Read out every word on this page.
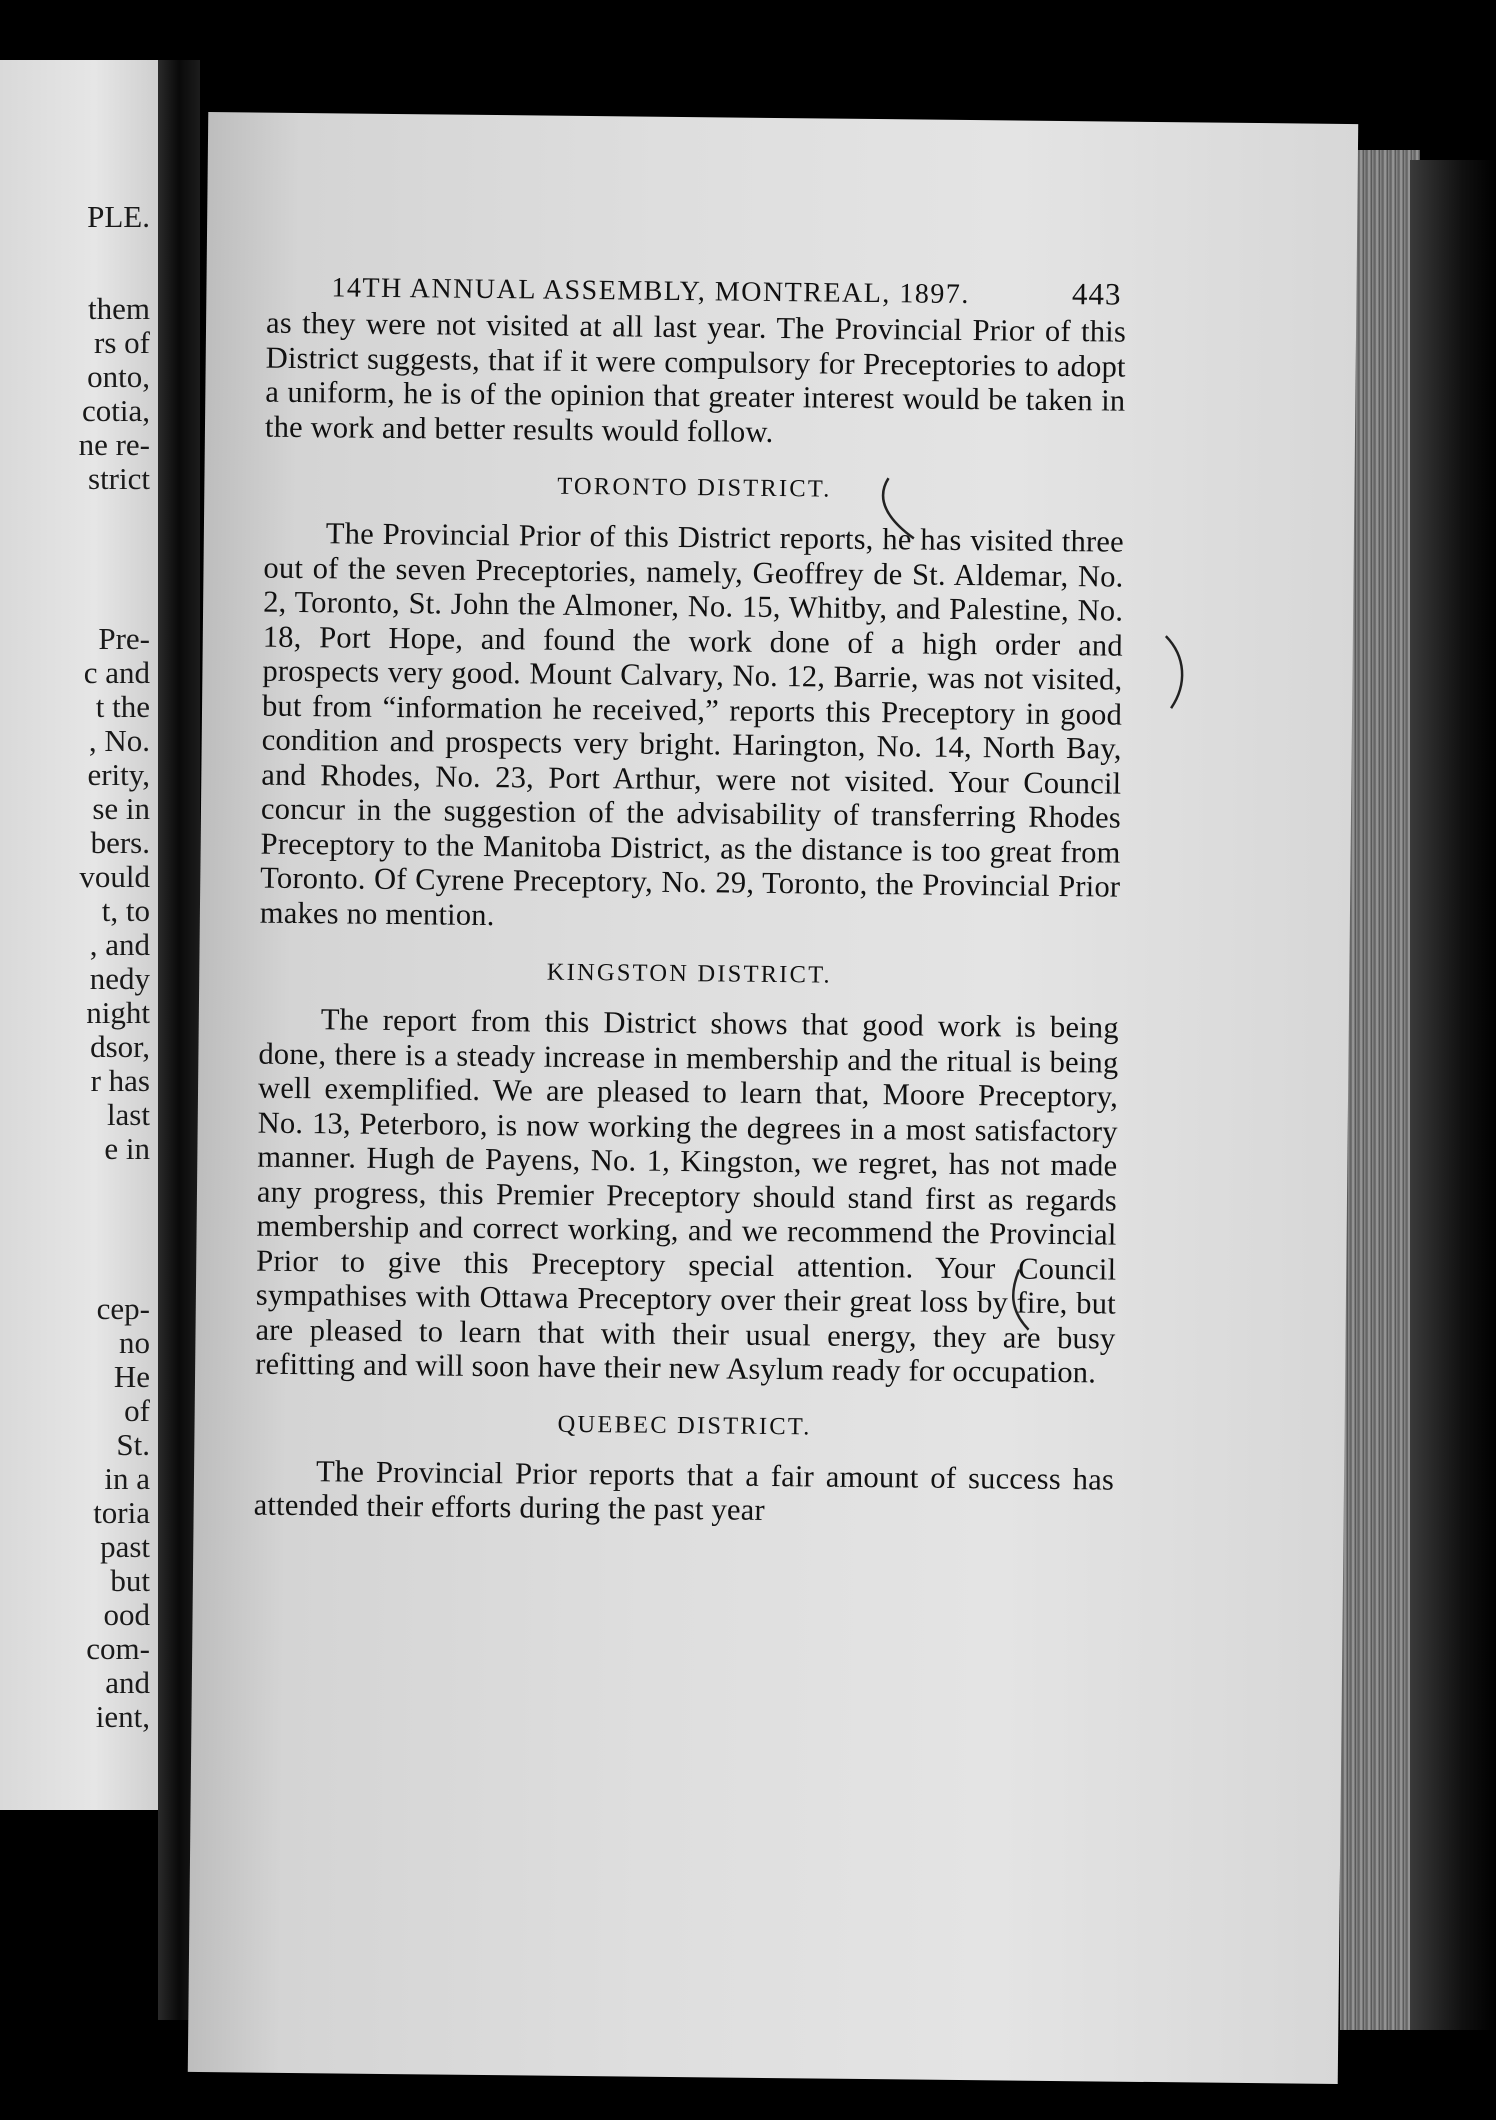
PLE.
them
rs of
onto,
cotia,
ne re-
strict
Pre-
c and
t the
, No.
erity,
se in
bers.
vould
t, to
, and
nedy
night
dsor,
r has
last
e in
cep-
no
He
of
St.
in a
toria
past
but
ood
com-
and
ient,
14TH ANNUAL ASSEMBLY, MONTREAL, 1897.	443

as they were not visited at all last year. The Provincial Prior of this District suggests, that if it were compulsory for Preceptories to adopt a uniform, he is of the opinion that greater interest would be taken in the work and better results would follow.

TORONTO DISTRICT.

The Provincial Prior of this District reports, he has visited three out of the seven Preceptories, namely, Geoffrey de St. Aldemar, No. 2, Toronto, St. John the Almoner, No. 15, Whitby, and Palestine, No. 18, Port Hope, and found the work done of a high order and prospects very good. Mount Calvary, No. 12, Barrie, was not visited, but from “information he received,” reports this Preceptory in good condition and prospects very bright. Harington, No. 14, North Bay, and Rhodes, No. 23, Port Arthur, were not visited. Your Council concur in the suggestion of the advisability of transferring Rhodes Preceptory to the Manitoba District, as the distance is too great from Toronto. Of Cyrene Preceptory, No. 29, Toronto, the Provincial Prior makes no mention.

KINGSTON DISTRICT.

The report from this District shows that good work is being done, there is a steady increase in membership and the ritual is being well exemplified. We are pleased to learn that, Moore Preceptory, No. 13, Peterboro, is now working the degrees in a most satisfactory manner. Hugh de Payens, No. 1, Kingston, we regret, has not made any progress, this Premier Preceptory should stand first as regards membership and correct working, and we recommend the Provincial Prior to give this Preceptory special attention. Your Council sympathises with Ottawa Preceptory over their great loss by fire, but are pleased to learn that with their usual energy, they are busy refitting and will soon have their new Asylum ready for occupation.

QUEBEC DISTRICT.

The Provincial Prior reports that a fair amount of success has attended their efforts during the past year
